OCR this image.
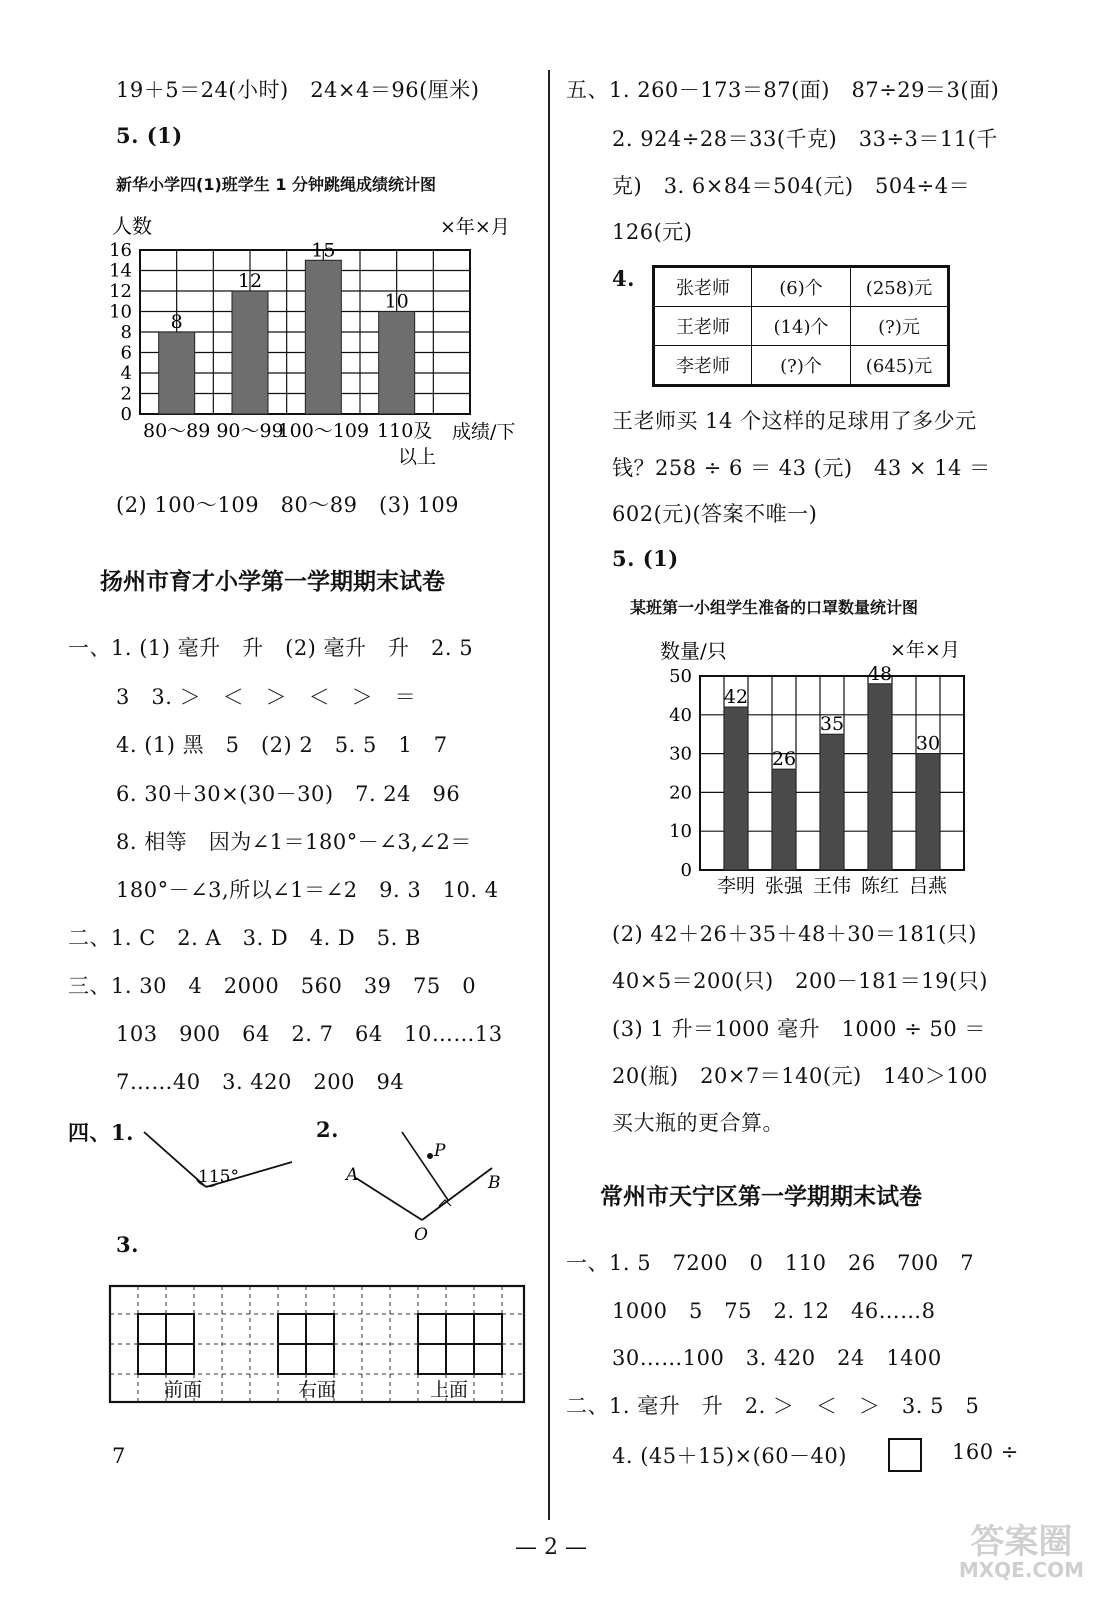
19＋5＝24(小时)　24×4＝96(厘米)
5. (1)
新华小学四(1)班学生 1 分钟跳绳成绩统计图
人数	×年×月
0
2
4
6
8
10
12
14
16
8
12
15
10
80～89 90～99
100～109 110及 成绩/下
以上
(2) 100～109　80～89　(3) 109
扬州市育才小学第一学期期末试卷
一、1. (1) 毫升　升　(2) 毫升　升　2. 5
3　3. ＞　＜　＞　＜　＞　＝
4. (1) 黑　5　(2) 2　5. 5　1　7
6. 30＋30×(30－30)　7. 24　96
8. 相等　因为∠1＝180°－∠3,∠2＝
180°－∠3,所以∠1＝∠2　9. 3　10. 4
二、1. C　2. A　3. D　4. D　5. B
三、1. 30　4　2000　560　39　75　0
103　900　64　2. 7　64　10……13
7……40　3. 420　200　94
四、1.	2.
115°
P
A	B
O
3.
前面	右面	上面
7
五、1. 260－173＝87(面)　87÷29＝3(面)
2. 924÷28＝33(千克)　33÷3＝11(千
克)　3. 6×84＝504(元)　504÷4＝
126(元)
4. 张老师	(6)个	(258)元
王老师	(14)个	(?)元
李老师	(?)个	(645)元
王老师买 14 个这样的足球用了多少元
钱？258 ÷ 6 ＝ 43 (元)　43 × 14 ＝
602(元)(答案不唯一)
5. (1)
某班第一小组学生准备的口罩数量统计图
数量/只	×年×月
0
10
20
30
40
50
42
26
35
48
30
李明 张强 王伟 陈红 吕燕
(2) 42＋26＋35＋48＋30＝181(只)
40×5＝200(只)　200－181＝19(只)
(3) 1 升＝1000 毫升　1000 ÷ 50 ＝
20(瓶)　20×7＝140(元)　140＞100
买大瓶的更合算。
常州市天宁区第一学期期末试卷
一、1. 5　7200　0　110　26　700　7
1000　5　75　2. 12　46……8
30……100　3. 420　24　1400
二、1. 毫升　升　2. ＞　＜　＞　3. 5　5
4. (45＋15)×(60－40)	160 ÷
— 2 —	答案圈
MXQE.COM
